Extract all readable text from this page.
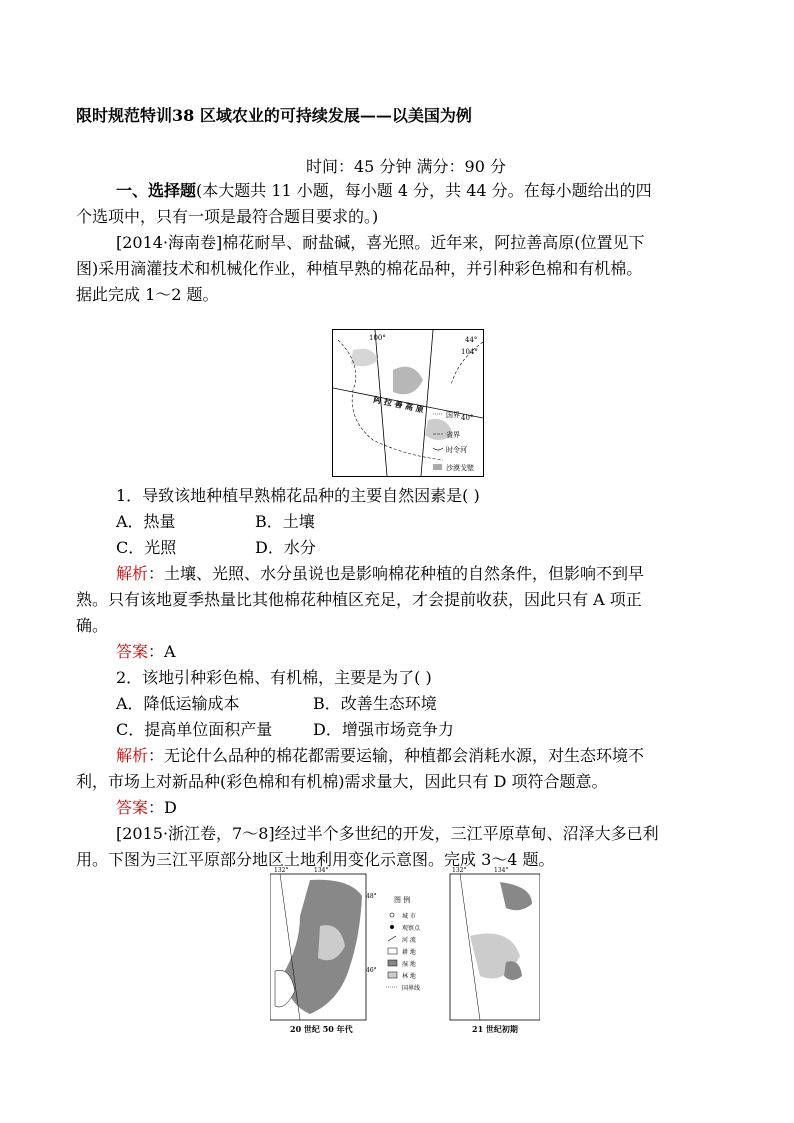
限时规范特训38 区域农业的可持续发展——以美国为例
时间：45 分钟 满分：90 分
一、选择题(本大题共 11 小题，每小题 4 分，共 44 分。在每小题给出的四
个选项中，只有一项是最符合题目要求的。)
[2014·海南卷]棉花耐旱、耐盐碱，喜光照。近年来，阿拉善高原(位置见下
图)采用滴灌技术和机械化作业，种植早熟的棉花品种，并引种彩色棉和有机棉。
据此完成 1～2 题。
100°	44°
104°
40°
阿 拉 善 高 原
国界
省界
时令河
沙漠戈壁
1．导致该地种植早熟棉花品种的主要自然因素是( )
A．热量	B．土壤
C．光照	D．水分
解析：土壤、光照、水分虽说也是影响棉花种植的自然条件，但影响不到早
熟。只有该地夏季热量比其他棉花种植区充足，才会提前收获，因此只有 A 项正
确。
答案：A
2．该地引种彩色棉、有机棉，主要是为了( )
A．降低运输成本	B．改善生态环境
C．提高单位面积产量	D．增强市场竞争力
解析：无论什么品种的棉花都需要运输，种植都会消耗水源，对生态环境不
利，市场上对新品种(彩色棉和有机棉)需求量大，因此只有 D 项符合题意。
答案：D
[2015·浙江卷，7～8]经过半个多世纪的开发，三江平原草甸、沼泽大多已利
用。下图为三江平原部分地区土地利用变化示意图。完成 3～4 题。
132°	134°
48°
46°
20 世纪 50 年代
图 例
城 市
观察点
河 流
耕 地
湿 地
林 地
国界线
132°	134°
21 世纪初期
